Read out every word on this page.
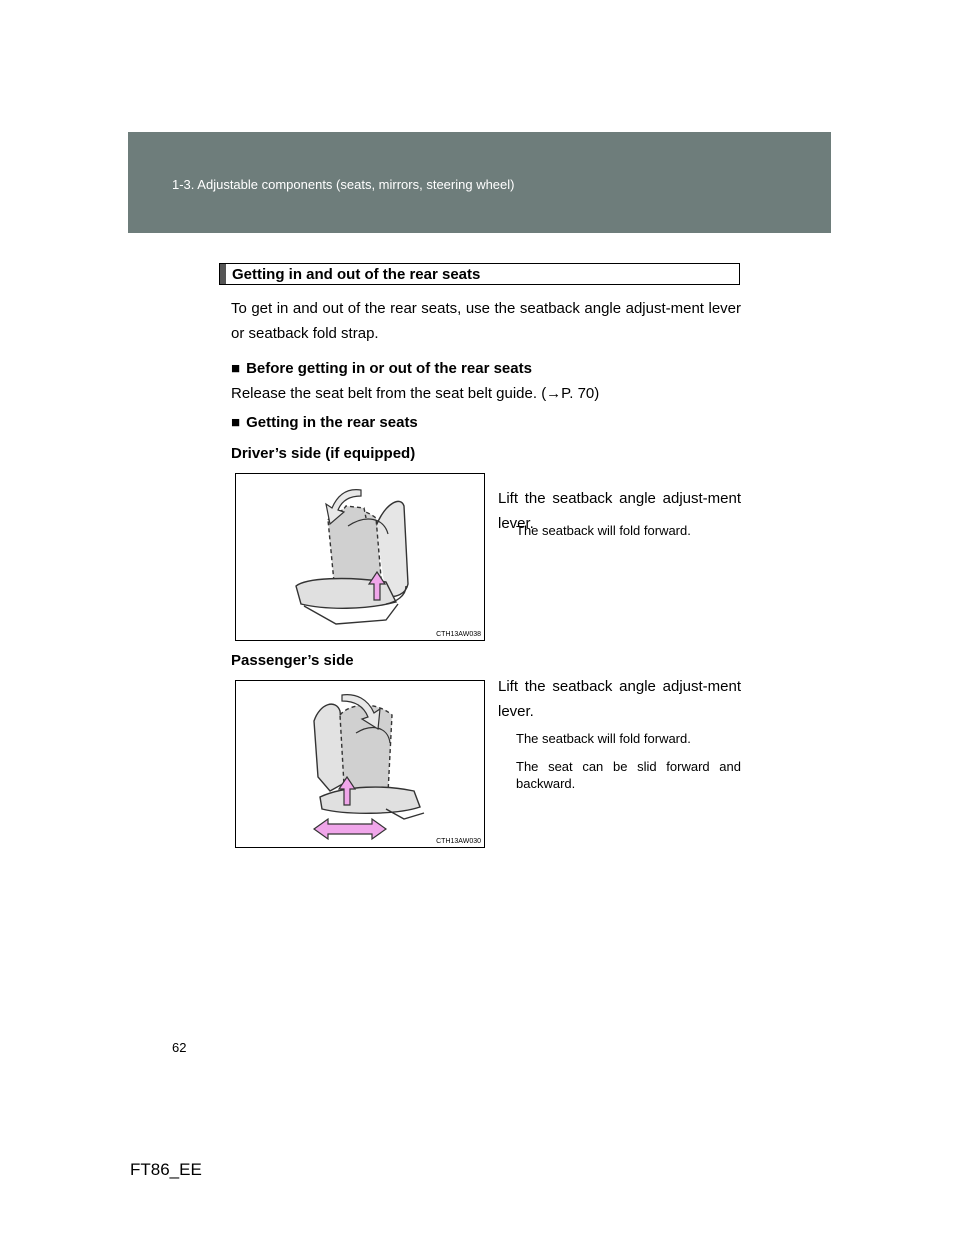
1-3. Adjustable components (seats, mirrors, steering wheel)
Getting in and out of the rear seats
To get in and out of the rear seats, use the seatback angle adjust-ment lever or seatback fold strap.
■ Before getting in or out of the rear seats
Release the seat belt from the seat belt guide. (→P. 70)
■ Getting in the rear seats
Driver’s side (if equipped)
CTH13AW038
Lift the seatback angle adjust-ment lever.
The seatback will fold forward.
Passenger’s side
CTH13AW030
Lift the seatback angle adjust-ment lever.
The seatback will fold forward.
The seat can be slid forward and backward.
62
FT86_EE
